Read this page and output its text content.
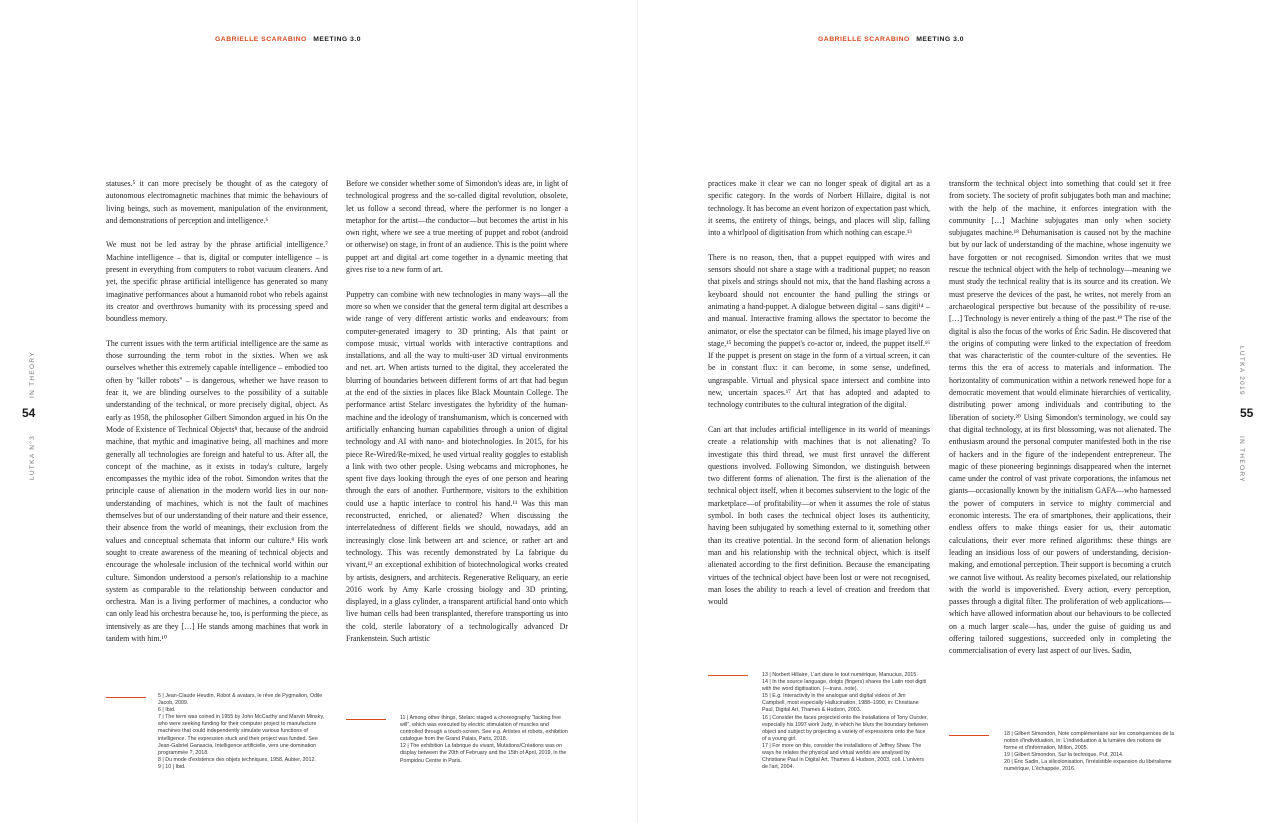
GABRIELLE SCARABINO MEETING 3.0
IN THEORY
54
LUTKA N°3

statuses.⁵ it can more precisely be thought of as the category of autonomous electromagnetic machines that mimic the behaviours of living beings, such as movement, manipulation of the environment, and demonstrations of perception and intelligence.⁶

We must not be led astray by the phrase artificial intelligence.⁷ Machine intelligence – that is, digital or computer intelligence – is present in everything from computers to robot vacuum cleaners. And yet, the specific phrase artificial intelligence has generated so many imaginative performances about a humanoid robot who rebels against its creator and overthrows humanity with its processing speed and boundless memory.

The current issues with the term artificial intelligence are the same as those surrounding the term robot in the sixties. When we ask ourselves whether this extremely capable intelligence – embodied too often by "killer robots" – is dangerous, whether we have reason to fear it, we are blinding ourselves to the possibility of a suitable understanding of the technical, or more precisely digital, object. As early as 1958, the philosopher Gilbert Simondon argued in his On the Mode of Existence of Technical Objects⁸ that, because of the android machine, that mythic and imaginative being, all machines and more generally all technologies are foreign and hateful to us. After all, the concept of the machine, as it exists in today's culture, largely encompasses the mythic idea of the robot. Simondon writes that the principle cause of alienation in the modern world lies in our non-understanding of machines, which is not the fault of machines themselves but of our understanding of their nature and their essence, their absence from the world of meanings, their exclusion from the values and conceptual schemata that inform our culture.⁹ His work sought to create awareness of the meaning of technical objects and encourage the wholesale inclusion of the technical world within our culture. Simondon understood a person's relationship to a machine system as comparable to the relationship between conductor and orchestra. Man is a living performer of machines, a conductor who can only lead his orchestra because he, too, is performing the piece, as intensively as are they […] He stands among machines that work in tandem with him.¹⁰

Before we consider whether some of Simondon's ideas are, in light of technological progress and the so-called digital revolution, obsolete, let us follow a second thread, where the performer is no longer a metaphor for the artist—the conductor—but becomes the artist in his own right, where we see a true meeting of puppet and robot (android or otherwise) on stage, in front of an audience. This is the point where puppet art and digital art come together in a dynamic meeting that gives rise to a new form of art.

Puppetry can combine with new technologies in many ways—all the more so when we consider that the general term digital art describes a wide range of very different artistic works and endeavours: from computer-generated imagery to 3D printing, AIs that paint or compose music, virtual worlds with interactive contraptions and installations, and all the way to multi-user 3D virtual environments and net. art. When artists turned to the digital, they accelerated the blurring of boundaries between different forms of art that had begun at the end of the sixties in places like Black Mountain College. The performance artist Stelarc investigates the hybridity of the human-machine and the ideology of transhumanism, which is concerned with artificially enhancing human capabilities through a union of digital technology and AI with nano- and biotechnologies. In 2015, for his piece Re-Wired/Re-mixed, he used virtual reality goggles to establish a link with two other people. Using webcams and microphones, he spent five days looking through the eyes of one person and hearing through the ears of another. Furthermore, visitors to the exhibition could use a haptic interface to control his hand.¹¹ Was this man reconstructed, enriched, or alienated? When discussing the interrelatedness of different fields we should, nowadays, add an increasingly close link between art and science, or rather art and technology. This was recently demonstrated by La fabrique du vivant,¹² an exceptional exhibition of biotechnological works created by artists, designers, and architects. Regenerative Reliquary, an eerie 2016 work by Amy Karle crossing biology and 3D printing, displayed, in a glass cylinder, a transparent artificial hand onto which live human cells had been transplanted, therefore transporting us into the cold, sterile laboratory of a technologically advanced Dr Frankenstein. Such artistic

5 | Jean-Claude Heudin, Robot & avatars, le rêve de Pygmalion, Odile Jacob, 2009.
6 | Ibid.
7 | The term was coined in 1955 by John McCarthy and Marvin Minsky, who were seeking funding for their computer project to manufacture machines that could independently simulate various functions of intelligence. The expression stuck and their project was funded. See Jean-Gabriel Ganascia, Intelligence artificielle, vers une domination programmée ?, 2018.
8 | Du mode d'existence des objets techniques, 1958, Aubier, 2012.
9 | 10 | Ibid.
11 | Among other things, Stelarc staged a choreography "lacking free will", which was executed by electric stimulation of muscles and controlled through a touch-screen. See e.g. Artistes et robots, exhibition catalogue from the Grand Palais, Paris, 2018.
12 | The exhibition La fabrique du vivant, Mutations/Créations was on display between the 20th of February and the 15th of April, 2019, in the Pompidou Centre in Paris.
GABRIELLE SCARABINO MEETING 3.0

practices make it clear we can no longer speak of digital art as a specific category. In the words of Norbert Hillaire, digital is not technology. It has become an event horizon of expectation past which, it seems, the entirety of things, beings, and places will slip, falling into a whirlpool of digitisation from which nothing can escape.¹³

There is no reason, then, that a puppet equipped with wires and sensors should not share a stage with a traditional puppet; no reason that pixels and strings should not mix, that the hand flashing across a keyboard should not encounter the hand pulling the strings or animating a hand-puppet. A dialogue between digital – sans digiti¹⁴ – and manual. Interactive framing allows the spectator to become the animator, or else the spectator can be filmed, his image played live on stage,¹⁵ becoming the puppet's co-actor or, indeed, the puppet itself.¹⁶ If the puppet is present on stage in the form of a virtual screen, it can be in constant flux: it can become, in some sense, undefined, ungraspable. Virtual and physical space intersect and combine into new, uncertain spaces.¹⁷ Art that has adopted and adapted to technology contributes to the cultural integration of the digital.

Can art that includes artificial intelligence in its world of meanings create a relationship with machines that is not alienating? To investigate this third thread, we must first unravel the different questions involved. Following Simondon, we distinguish between two different forms of alienation. The first is the alienation of the technical object itself, when it becomes subservient to the logic of the marketplace—of profitability—or when it assumes the role of status symbol. In both cases the technical object loses its authenticity, having been subjugated by something external to it, something other than its creative potential. In the second form of alienation belongs man and his relationship with the technical object, which is itself alienated according to the first definition. Because the emancipating virtues of the technical object have been lost or were not recognised, man loses the ability to reach a level of creation and freedom that would

transform the technical object into something that could set it free from society. The society of profit subjugates both man and machine; with the help of the machine, it enforces integration with the community […] Machine subjugates man only when society subjugates machine.¹⁸ Dehumanisation is caused not by the machine but by our lack of understanding of the machine, whose ingenuity we have forgotten or not recognised. Simondon writes that we must rescue the technical object with the help of technology—meaning we must study the technical reality that is its source and its creation. We must preserve the devices of the past, he writes, not merely from an archaeological perspective but because of the possibility of re-use. […] Technology is never entirely a thing of the past.¹⁹ The rise of the digital is also the focus of the works of Éric Sadin. He discovered that the origins of computing were linked to the expectation of freedom that was characteristic of the counter-culture of the seventies. He terms this the era of access to materials and information. The horizontality of communication within a network renewed hope for a democratic movement that would eliminate hierarchies of verticality, distributing power among individuals and contributing to the liberation of society.²⁰ Using Simondon's terminology, we could say that digital technology, at its first blossoming, was not alienated. The enthusiasm around the personal computer manifested both in the rise of hackers and in the figure of the independent entrepreneur. The magic of these pioneering beginnings disappeared when the internet came under the control of vast private corporations, the infamous net giants—occasionally known by the initialism GAFA—who harnessed the power of computers in service to mighty commercial and economic interests. The era of smartphones, their applications, their endless offers to make things easier for us, their automatic calculations, their ever more refined algorithms: these things are leading an insidious loss of our powers of understanding, decision-making, and emotional perception. Their support is becoming a crutch we cannot live without. As reality becomes pixelated, our relationship with the world is impoverished. Every action, every perception, passes through a digital filter. The proliferation of web applications—which have allowed information about our behaviours to be collected on a much larger scale—has, under the guise of guiding us and offering tailored suggestions, succeeded only in completing the commercialisation of every last aspect of our lives. Sadin,

LUTKA 2019
55
IN THEORY
13 | Norbert Hillaire, L'art dans le tout numérique, Manucius, 2015.
14 | In the source language, doigts (fingers) shares the Latin root digiti with the word digitisation. (—trans. note).
15 | E.g. Interactivity in the analogue and digital videos of Jim Campbell, most especially Hallucination, 1988–1990, in: Christiane Paul, Digital Art, Thames & Hudson, 2003.
16 | Consider the faces projected onto the installations of Tony Oursler, especially his 1997 work Judy, in which he blurs the boundary between object and subject by projecting a variety of expressions onto the face of a young girl.
17 | For more on this, consider the installations of Jeffrey Shaw. The ways he relates the physical and virtual worlds are analysed by Christiane Paul in Digital Art, Thames & Hudson, 2003, coll. L'univers de l'art, 2004.
18 | Gilbert Simondon, Note complémentaire sur les conséquences de la notion d'individuation, in: L'individuation à la lumière des notions de forme et d'information, Millon, 2005.
19 | Gilbert Simondon, Sur la technique, Puf, 2014.
20 | Éric Sadin, La silicolonisation, l'irrésistible expansion du libéralisme numérique, L'échappée, 2016.
